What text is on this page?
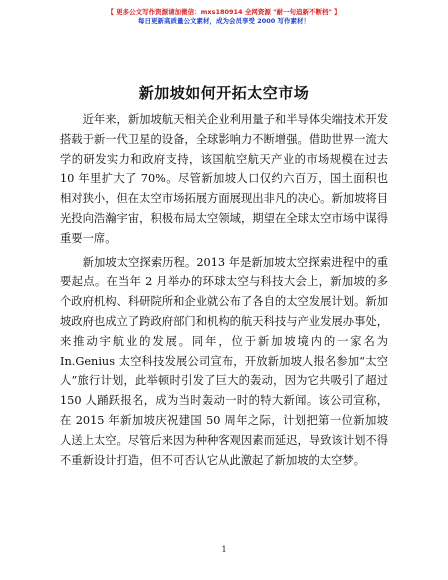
【 更多公文写作资源请加微信：mxs180914 全网资源 "耐一句追新不断档" 】
每日更新高质量公文素材，成为会员享受 2000 写作素材！
新加坡如何开拓太空市场

近年来，新加坡航天相关企业利用量子和半导体尖端技术开发搭载于新一代卫星的设备，全球影响力不断增强。借助世界一流大学的研发实力和政府支持，该国航空航天产业的市场规模在过去 10 年里扩大了 70%。尽管新加坡人口仅约六百万，国土面积也相对狭小，但在太空市场拓展方面展现出非凡的决心。新加坡将目光投向浩瀚宇宙，积极布局太空领域，期望在全球太空市场中谋得重要一席。

新加坡太空探索历程。2013 年是新加坡太空探索进程中的重要起点。在当年 2 月举办的环球太空与科技大会上，新加坡的多个政府机构、科研院所和企业就公布了各自的太空发展计划。新加坡政府也成立了跨政府部门和机构的航天科技与产业发展办事处，来推动宇航业的发展。同年，位于新加坡境内的一家名为 In.Genius 太空科技发展公司宣布，开放新加坡人报名参加“太空人”旅行计划，此举顿时引发了巨大的轰动，因为它共吸引了超过 150 人踊跃报名，成为当时轰动一时的特大新闻。该公司宣称，在 2015 年新加坡庆祝建国 50 周年之际，计划把第一位新加坡人送上太空。尽管后来因为种种客观因素而延迟，导致该计划不得不重新设计打造，但不可否认它从此激起了新加坡的太空梦。

1
